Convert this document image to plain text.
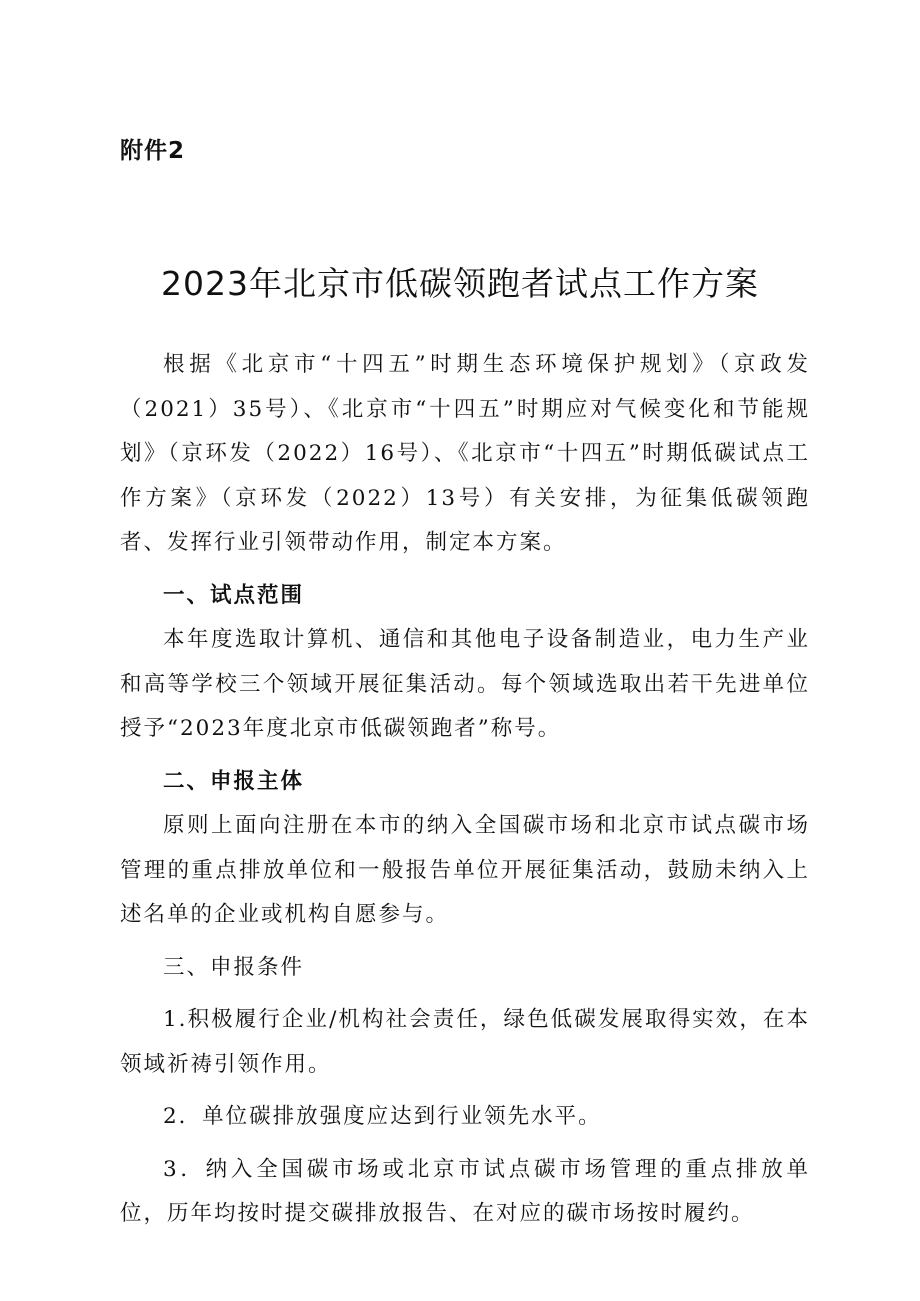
附件2
2023年北京市低碳领跑者试点工作方案

根据《北京市“十四五”时期生态环境保护规划》（京政发（2021）35号）、《北京市“十四五”时期应对气候变化和节能规划》（京环发（2022）16号）、《北京市“十四五”时期低碳试点工作方案》（京环发（2022）13号）有关安排，为征集低碳领跑者、发挥行业引领带动作用，制定本方案。

一、试点范围

本年度选取计算机、通信和其他电子设备制造业，电力生产业和高等学校三个领域开展征集活动。每个领域选取出若干先进单位授予“2023年度北京市低碳领跑者”称号。

二、申报主体

原则上面向注册在本市的纳入全国碳市场和北京市试点碳市场管理的重点排放单位和一般报告单位开展征集活动，鼓励未纳入上述名单的企业或机构自愿参与。

三、申报条件

1.积极履行企业/机构社会责任，绿色低碳发展取得实效，在本领域祈祷引领作用。

2．单位碳排放强度应达到行业领先水平。

3．纳入全国碳市场或北京市试点碳市场管理的重点排放单位，历年均按时提交碳排放报告、在对应的碳市场按时履约。
